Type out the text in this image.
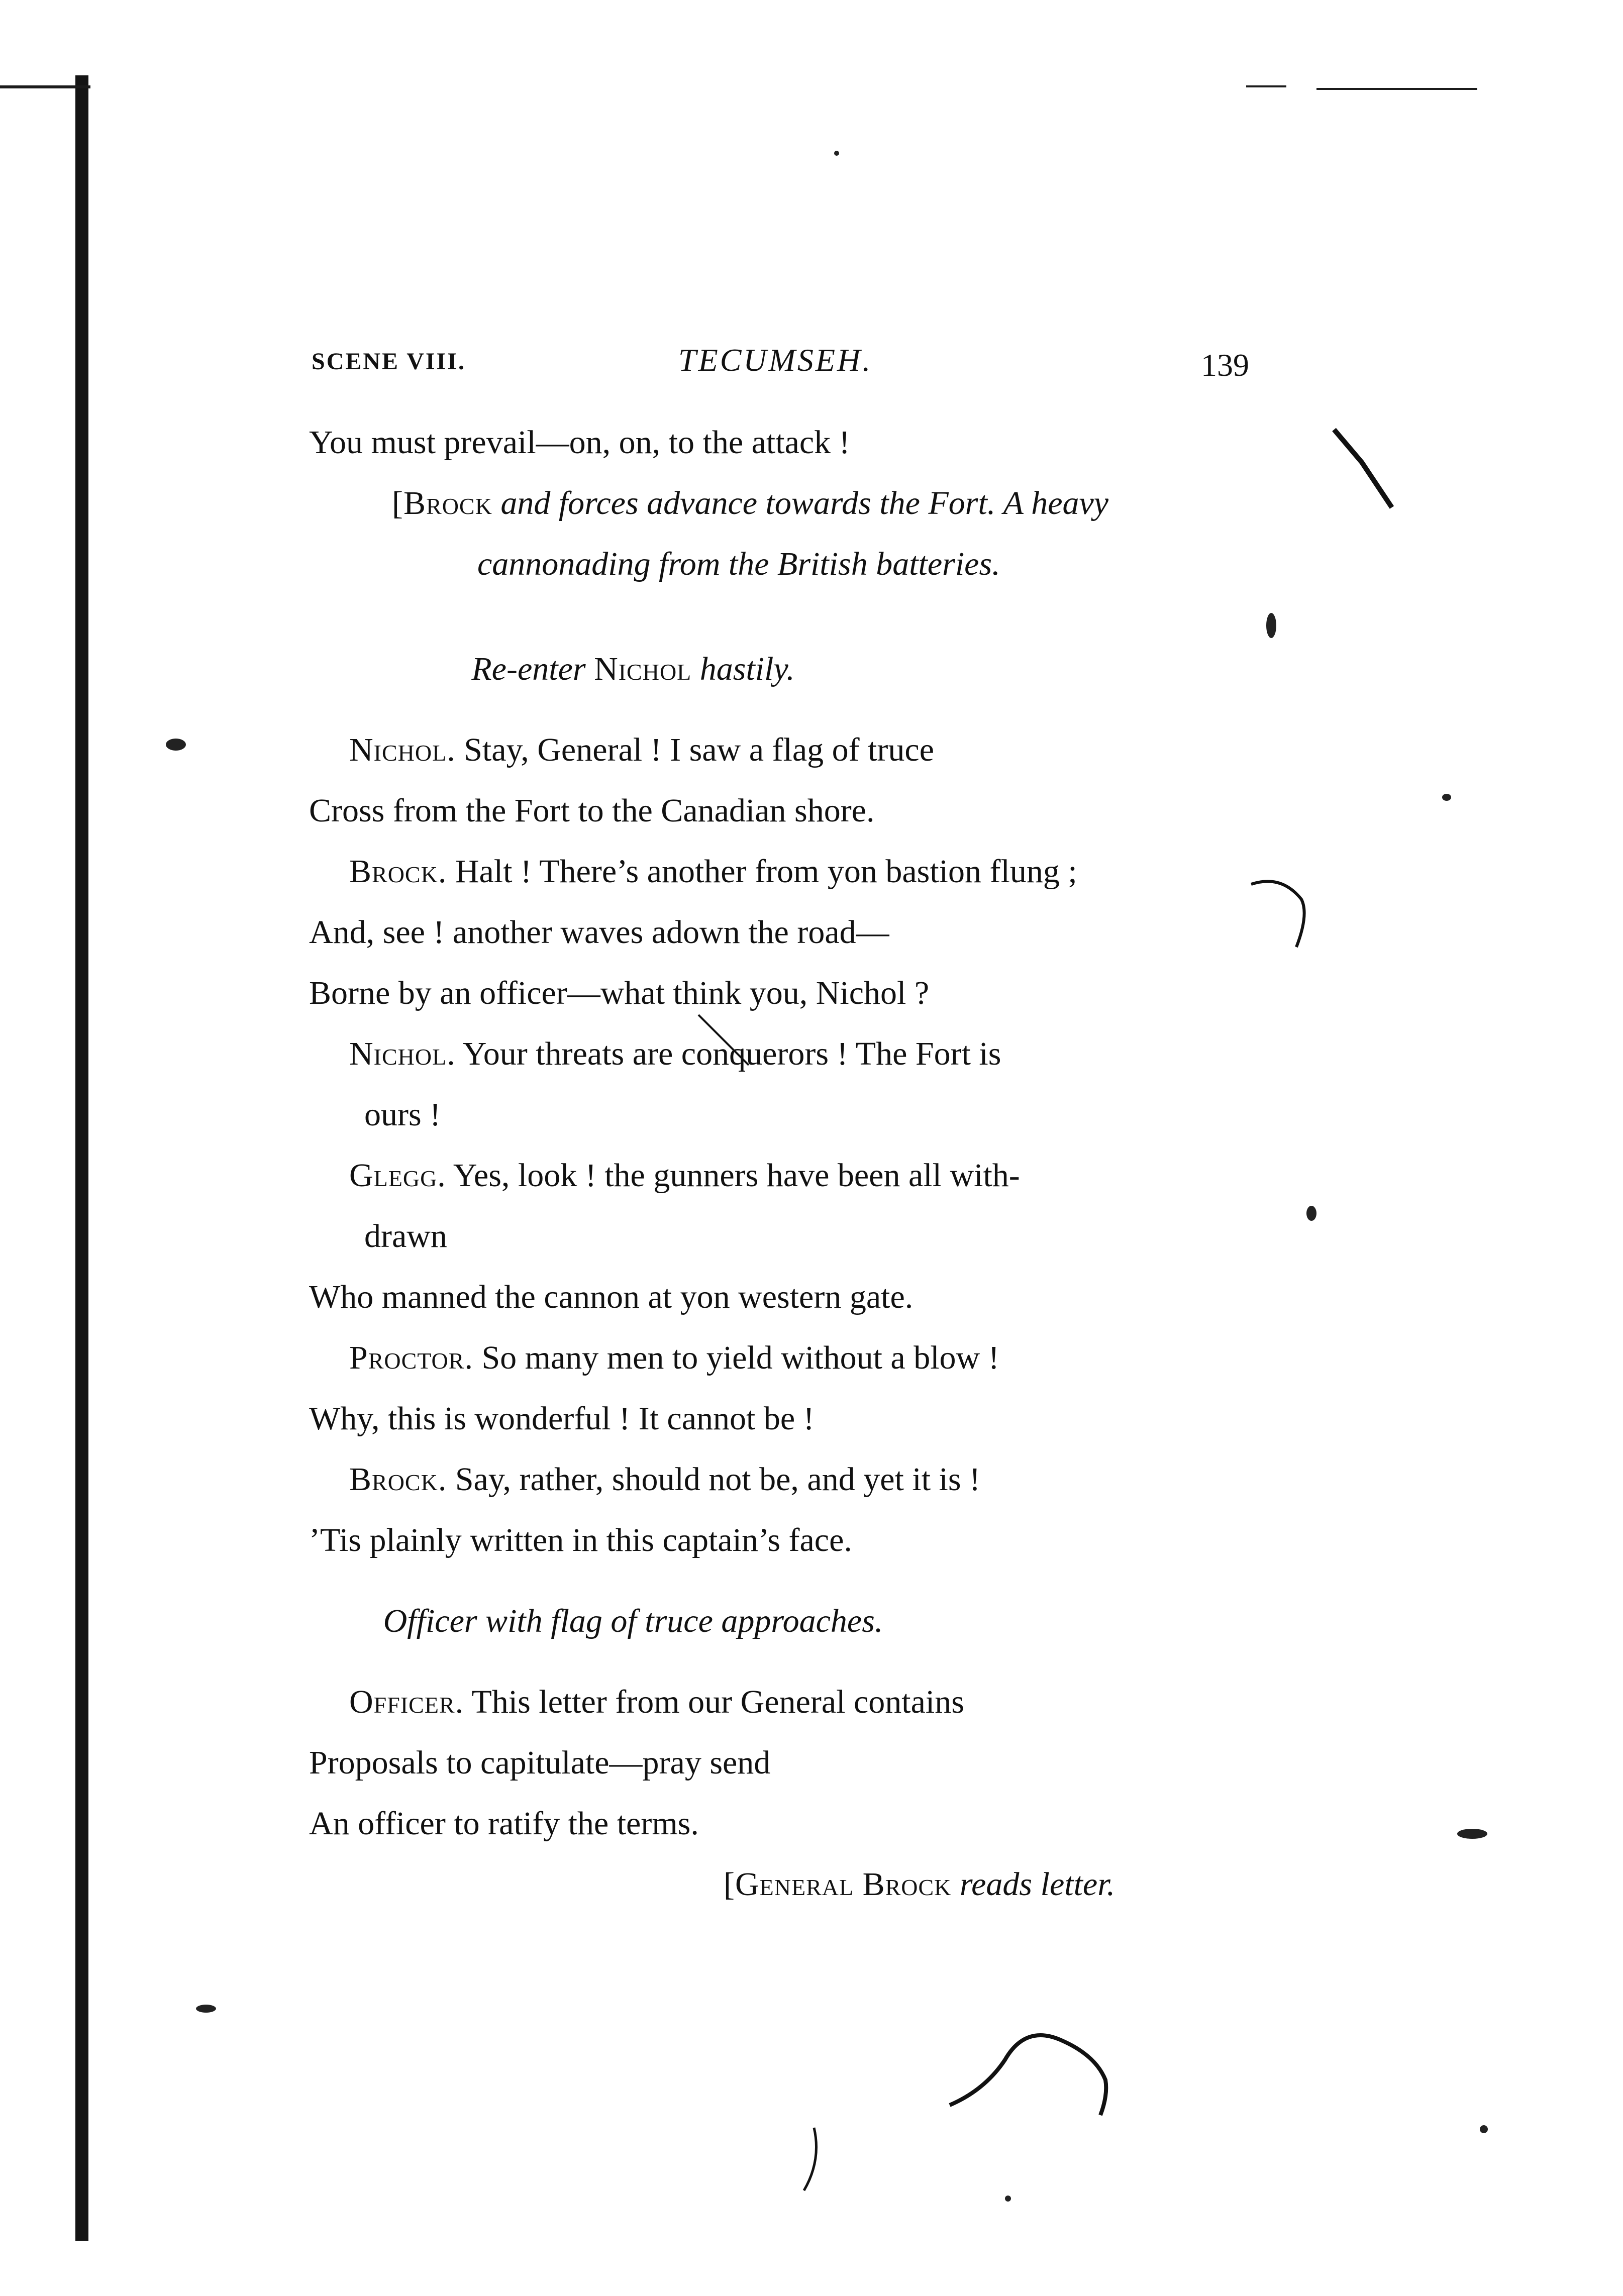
SCENE VIII.	TECUMSEH.	139
You must prevail—on, on, to the attack !
[Brock and forces advance towards the Fort. A heavy
cannonading from the British batteries.
Re-enter Nichol hastily.
Nichol. Stay, General ! I saw a flag of truce
Cross from the Fort to the Canadian shore.
Brock. Halt ! There’s another from yon bastion flung ;
And, see ! another waves adown the road—
Borne by an officer—what think you, Nichol ?
Nichol. Your threats are conquerors ! The Fort is
ours !
Glegg. Yes, look ! the gunners have been all with-
drawn
Who manned the cannon at yon western gate.
Proctor. So many men to yield without a blow !
Why, this is wonderful ! It cannot be !
Brock. Say, rather, should not be, and yet it is !
’Tis plainly written in this captain’s face.
Officer with flag of truce approaches.
Officer. This letter from our General contains
Proposals to capitulate—pray send
An officer to ratify the terms.
[General Brock reads letter.
